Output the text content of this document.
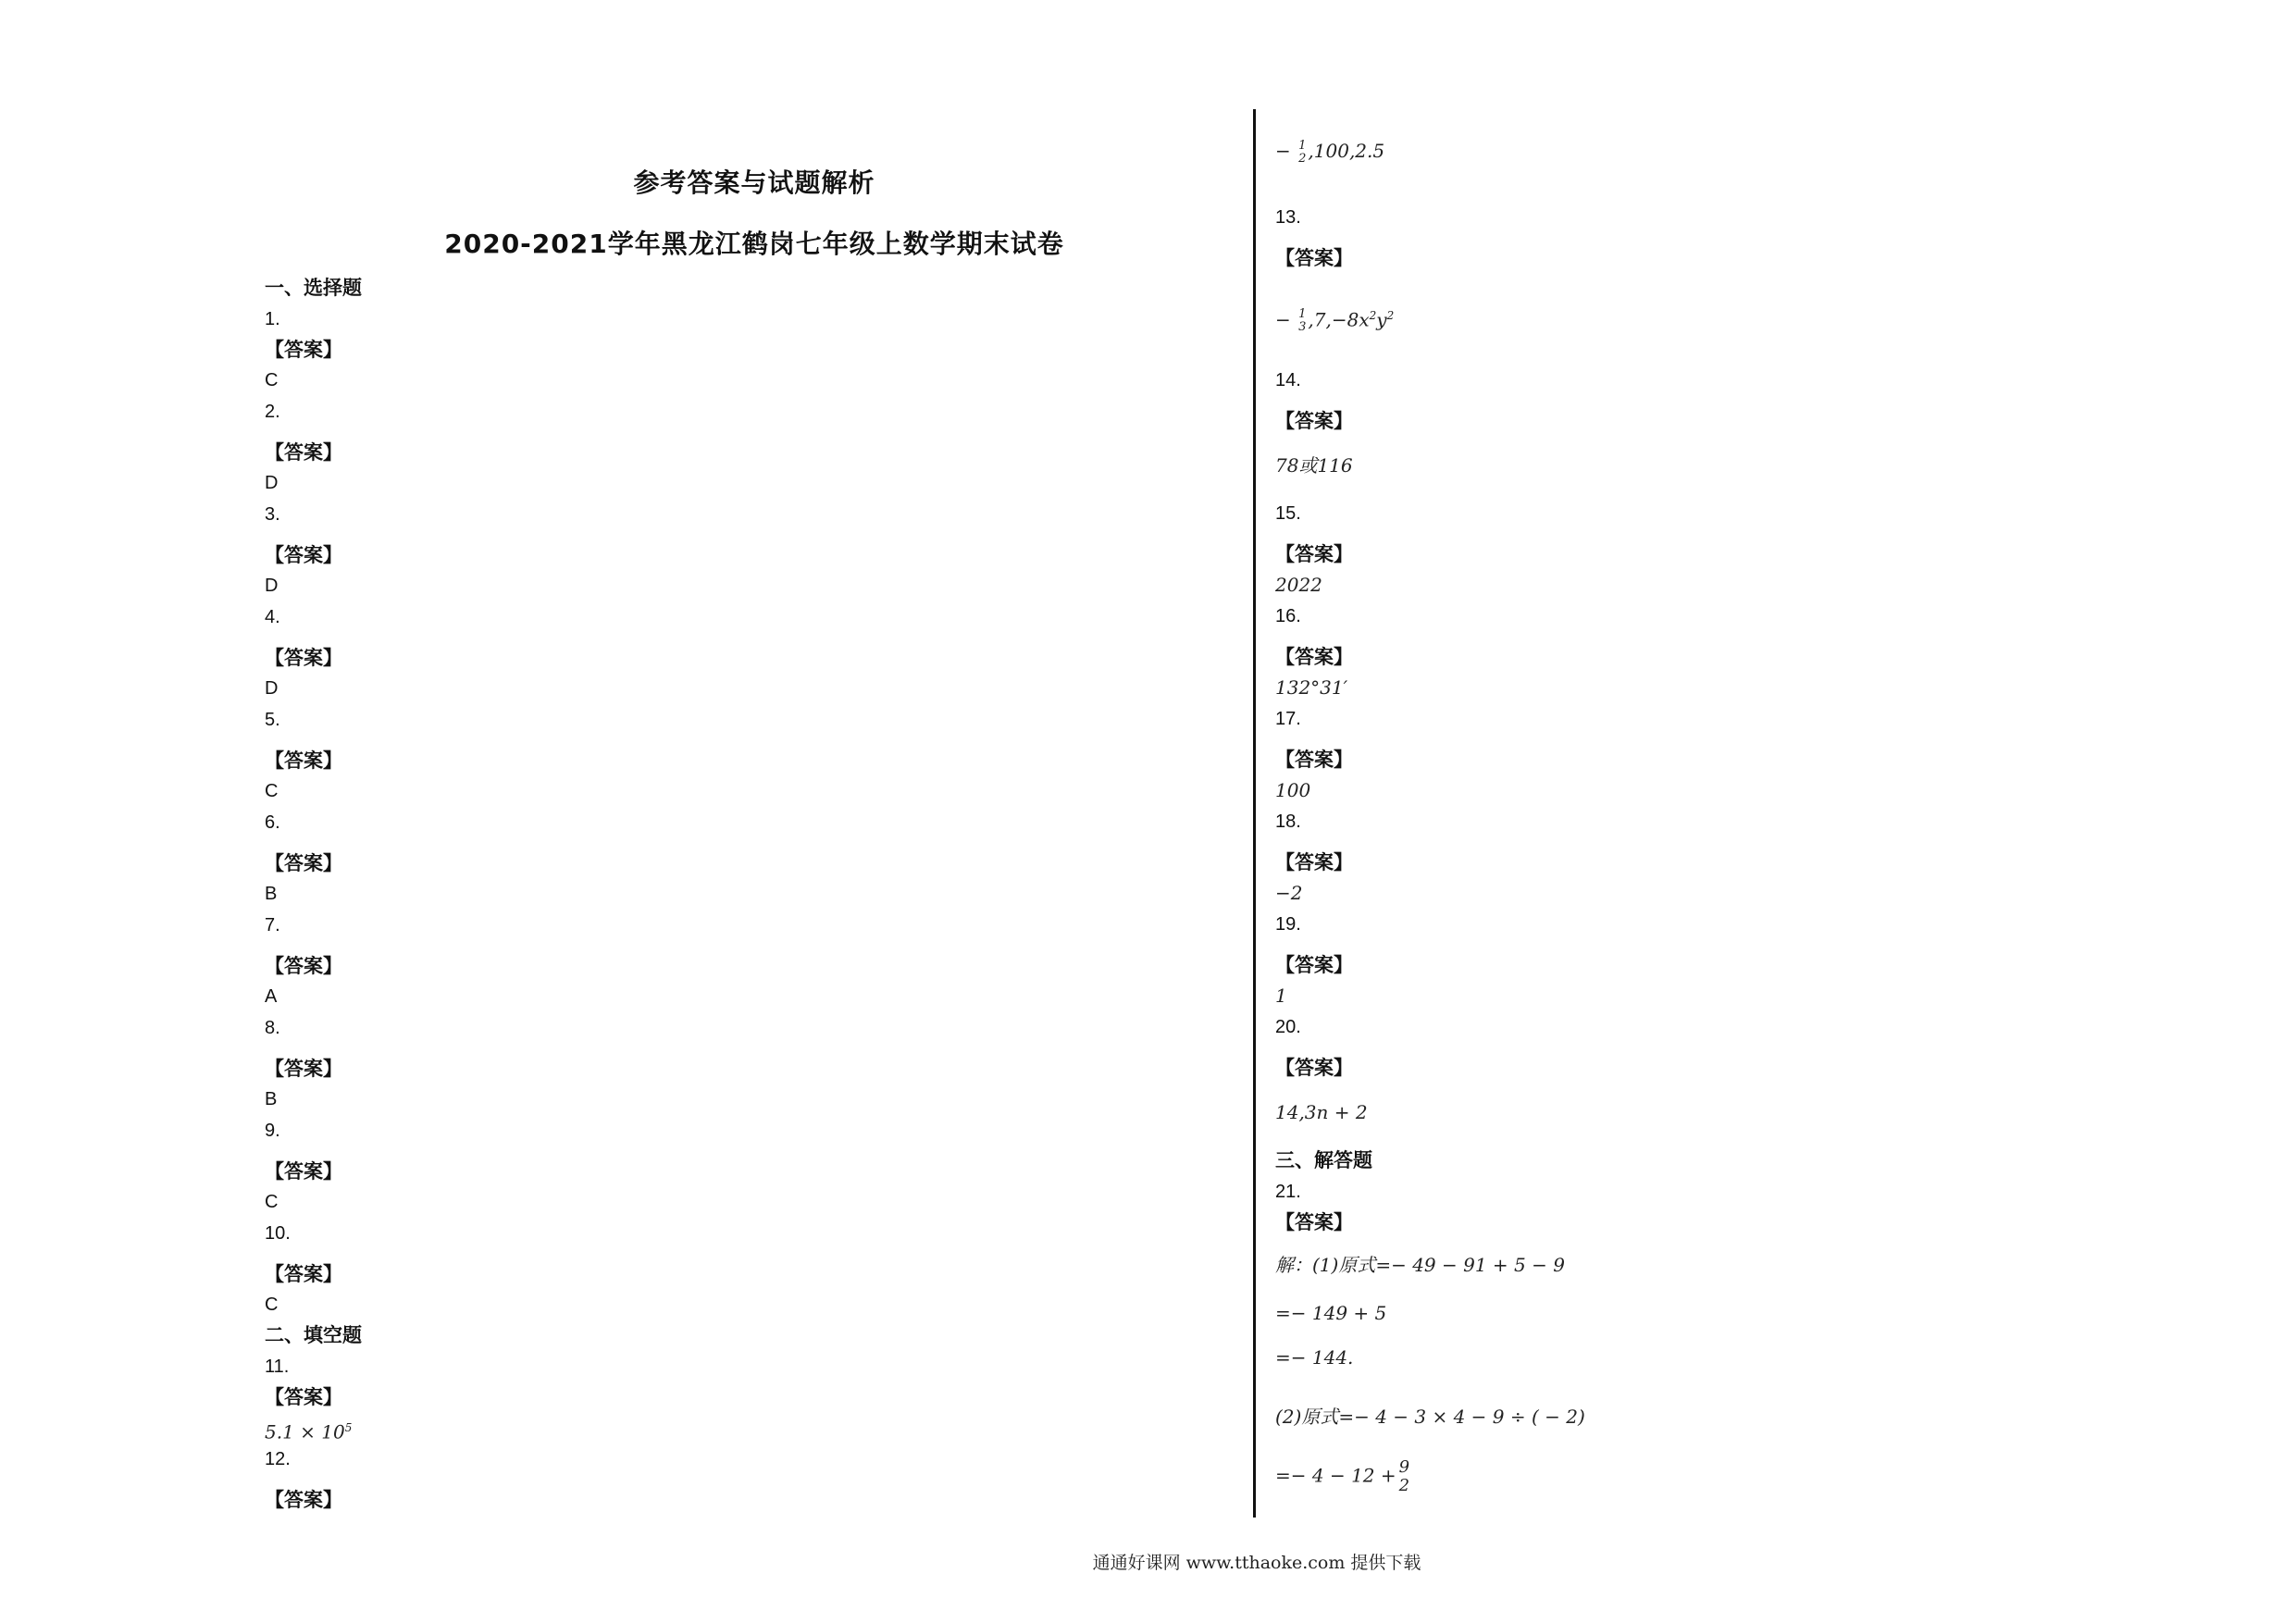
参考答案与试题解析
2020-2021学年黑龙江鹤岗七年级上数学期末试卷
一、选择题
1.
【答案】
C
2.
【答案】
D
3.
【答案】
D
4.
【答案】
D
5.
【答案】
C
6.
【答案】
B
7.
【答案】
A
8.
【答案】
B
9.
【答案】
C
10.
【答案】
C
二、填空题
11.
【答案】
$5.1 \times 10^5$
12.
【答案】
− 1
2 ,100,2.5
13.
【答案】
− 1
3 $,7,-8x^2y^2$
14.
【答案】
78或116
15.
【答案】
2022
16.
【答案】
132°31′
17.
【答案】
100
18.
【答案】
−2
19.
【答案】
1
20.
【答案】
14,3n + 2
三、解答题
21.
【答案】
解：(1)原式=− 49 − 91 + 5 − 9
=− 149 + 5
=− 144.
(2)原式=− 4 − 3 × 4 − 9 ÷ ( − 2)
=− 4 − 12 + 9
2
通通好课网 www.tthaoke.com 提供下载
